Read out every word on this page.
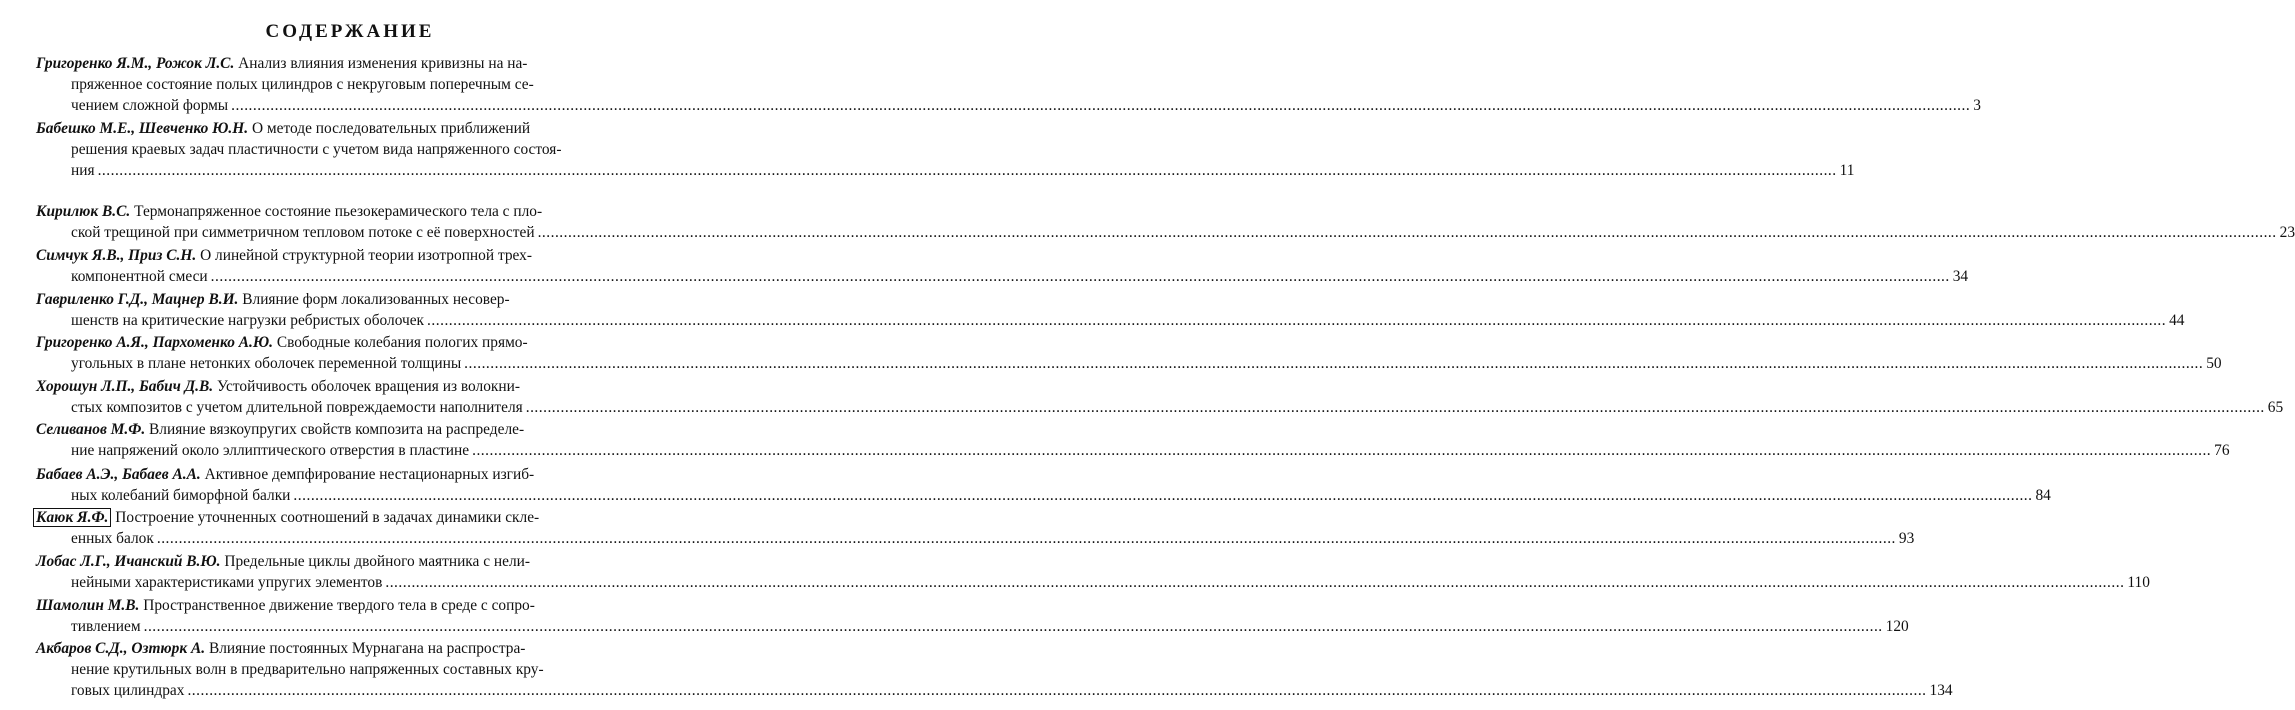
СОДЕРЖАНИЕ
Григоренко Я.М., Рожок Л.С.
Анализ влияния изменения кривизны на на-
пряженное состояние полых цилиндров с некруговым поперечным се-
чением сложной формы ................................................................................................................................................................................................................................................................................................................................................................................................................ 3
Бабешко М.Е., Шевченко Ю.Н.
О методе последовательных приближений
решения краевых задач пластичности с учетом вида напряженного состоя-
ния ................................................................................................................................................................................................................................................................................................................................................................................................................ 11
Кирилюк В.С.
Термонапряженное состояние пьезокерамического тела с пло-
ской трещиной при симметричном тепловом потоке с её поверхностей ................................................................................................................................................................................................................................................................................................................................................................................................................ 23
Симчук Я.В., Приз С.Н.
О линейной структурной теории изотропной трех-
компонентной смеси ................................................................................................................................................................................................................................................................................................................................................................................................................ 34
Гавриленко Г.Д., Мацнер В.И.
Влияние форм локализованных несовер-
шенств на критические нагрузки ребристых оболочек ................................................................................................................................................................................................................................................................................................................................................................................................................ 44
Григоренко А.Я., Пархоменко А.Ю.
Свободные колебания пологих прямо-
угольных в плане нетонких оболочек переменной толщины ................................................................................................................................................................................................................................................................................................................................................................................................................ 50
Хорошун Л.П., Бабич Д.В.
Устойчивость оболочек вращения из волокни-
стых композитов с учетом длительной повреждаемости наполнителя ................................................................................................................................................................................................................................................................................................................................................................................................................ 65
Селиванов М.Ф.
Влияние вязкоупругих свойств композита на распределе-
ние напряжений около эллиптического отверстия в пластине ................................................................................................................................................................................................................................................................................................................................................................................................................ 76
Бабаев А.Э., Бабаев А.А.
Активное демпфирование нестационарных изгиб-
ных колебаний биморфной балки ................................................................................................................................................................................................................................................................................................................................................................................................................ 84
Каюк Я.Ф.
Построение уточненных соотношений в задачах динамики скле-
енных балок ................................................................................................................................................................................................................................................................................................................................................................................................................ 93
Лобас Л.Г., Ичанский В.Ю.
Предельные циклы двойного маятника с нели-
нейными характеристиками упругих элементов ................................................................................................................................................................................................................................................................................................................................................................................................................ 110
Шамолин М.В.
Пространственное движение твердого тела в среде с сопро-
тивлением ................................................................................................................................................................................................................................................................................................................................................................................................................ 120
Акбаров С.Д., Озтюрк А.
Влияние постоянных Мурнагана на распростра-
нение крутильных волн в предварительно напряженных составных кру-
говых цилиндрах ................................................................................................................................................................................................................................................................................................................................................................................................................ 134
